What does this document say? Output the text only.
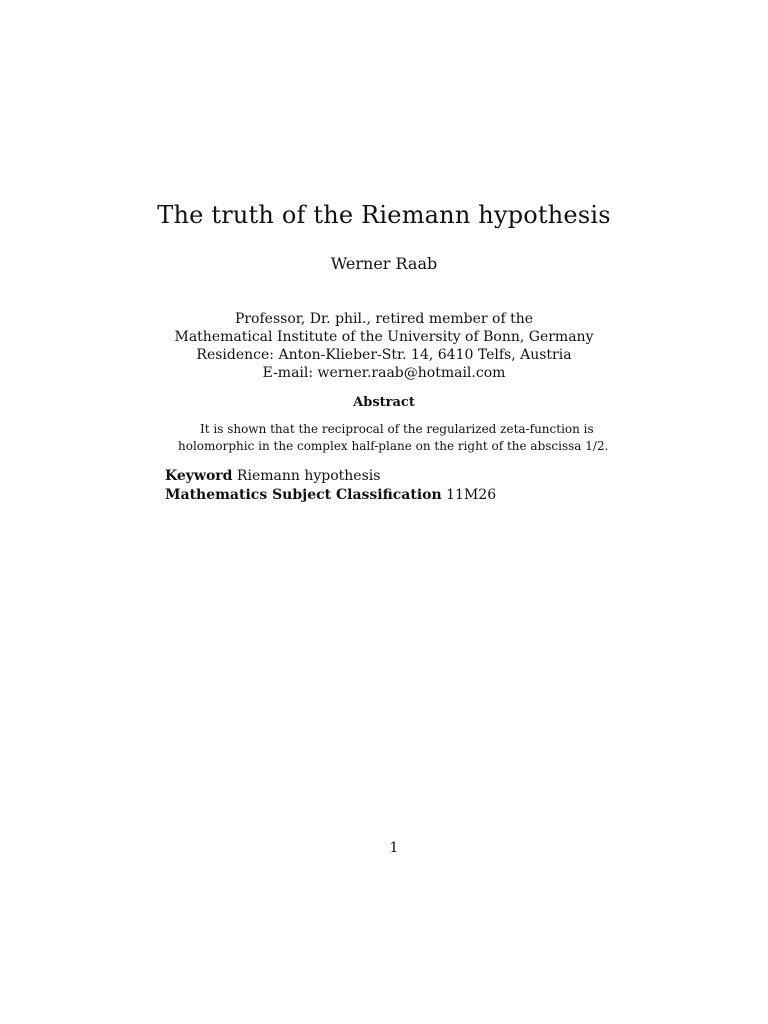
The truth of the Riemann hypothesis
Werner Raab
Professor, Dr. phil., retired member of the
Mathematical Institute of the University of Bonn, Germany
Residence: Anton-Klieber-Str. 14, 6410 Telfs, Austria
E-mail: werner.raab@hotmail.com
Abstract
It is shown that the reciprocal of the regularized zeta-function is
holomorphic in the complex half-plane on the right of the abscissa 1/2.
Keyword Riemann hypothesis
Mathematics Subject Classification 11M26
1
